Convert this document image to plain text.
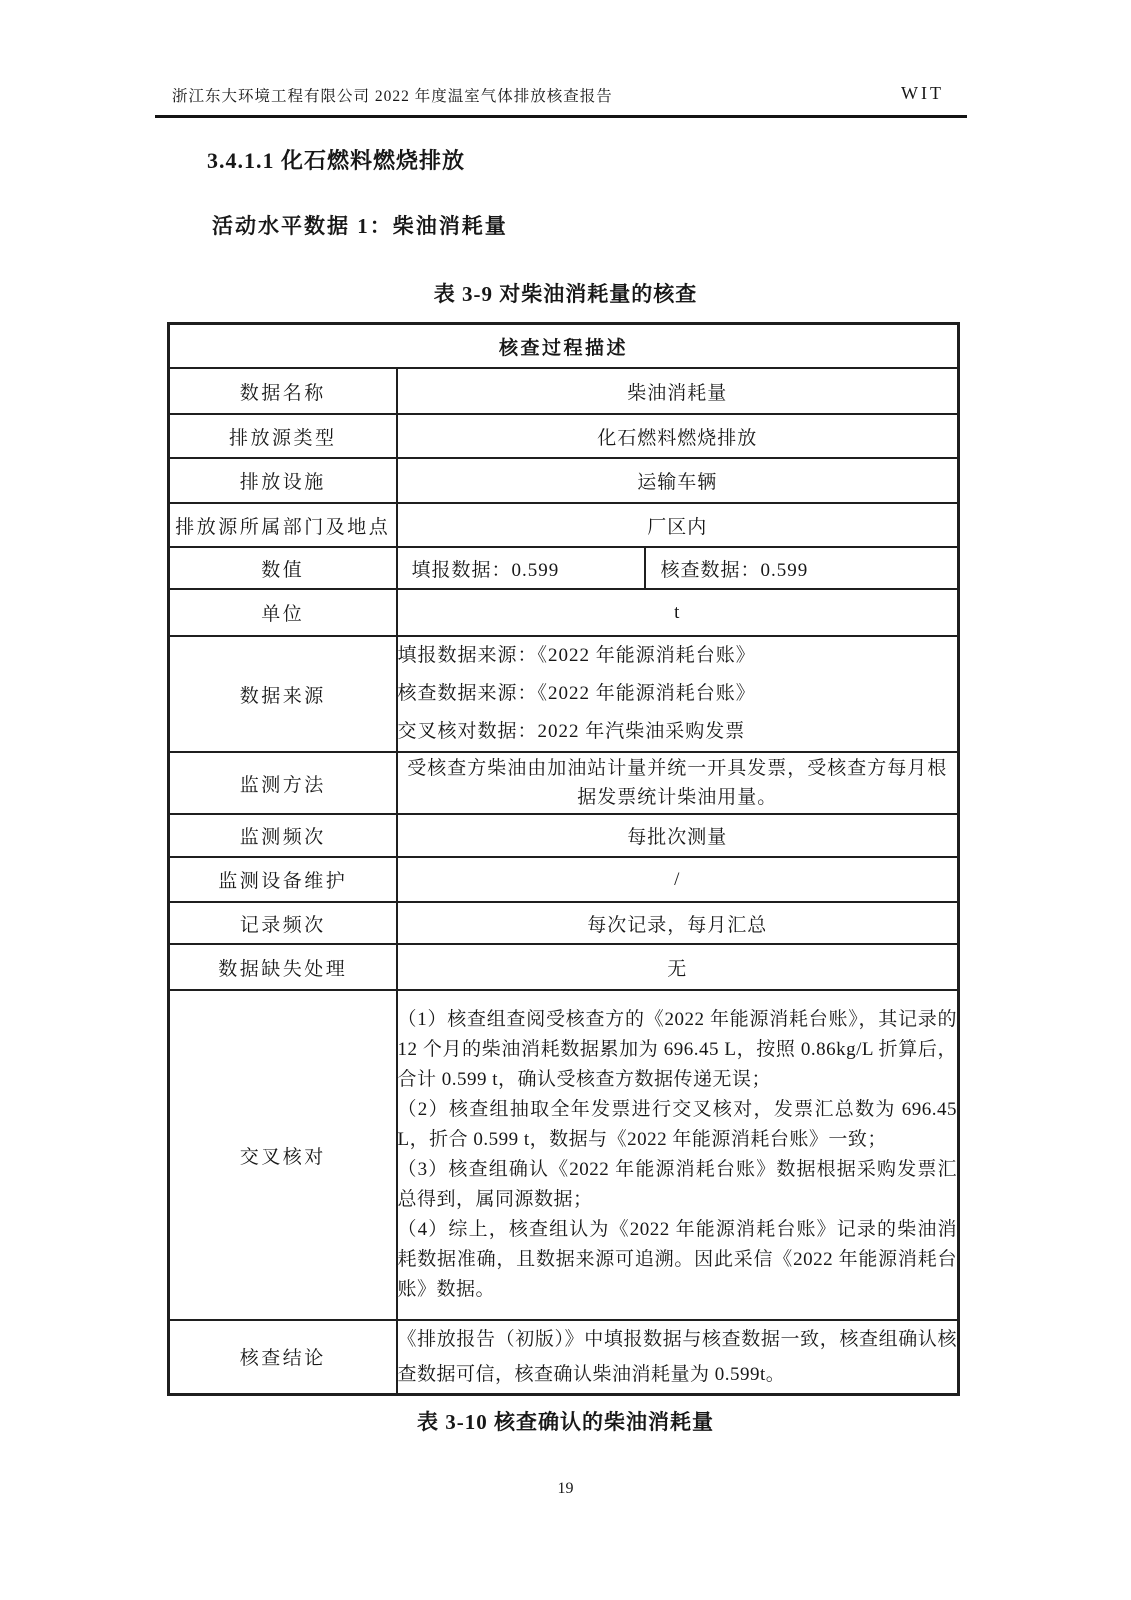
浙江东大环境工程有限公司 2022 年度温室气体排放核查报告	WIT
3.4.1.1 化石燃料燃烧排放
活动水平数据 1：柴油消耗量
表 3-9 对柴油消耗量的核查
核查过程描述	
数据名称	柴油消耗量
排放源类型	化石燃料燃烧排放
排放设施	运输车辆
排放源所属部门及地点	厂区内
数值	填报数据：0.599 核查数据：0.599

单位	t
数据来源	填报数据来源：《2022 年能源消耗台账》
核查数据来源：《2022 年能源消耗台账》
交叉核对数据：2022 年汽柴油采购发票

监测方法	受核查方柴油由加油站计量并统一开具发票，受核查方每月根据发票统计柴油用量。
监测频次	每批次测量
监测设备维护	/
记录频次	每次记录，每月汇总
数据缺失处理	无
交叉核对	（1）核查组查阅受核查方的《2022 年能源消耗台账》，其记录的 12 个月的柴油消耗数据累加为 696.45 L，按照 0.86kg/L 折算后，合计 0.599 t，确认受核查方数据传递无误；

（2）核查组抽取全年发票进行交叉核对，发票汇总数为 696.45 L，折合 0.599 t，数据与《2022 年能源消耗台账》一致；

（3）核查组确认《2022 年能源消耗台账》数据根据采购发票汇总得到，属同源数据；

（4）综上，核查组认为《2022 年能源消耗台账》记录的柴油消耗数据准确，且数据来源可追溯。因此采信《2022 年能源消耗台账》数据。

核查结论	《排放报告（初版）》中填报数据与核查数据一致，核查组确认核查数据可信，核查确认柴油消耗量为 0.599t。
表 3-10 核查确认的柴油消耗量
19
